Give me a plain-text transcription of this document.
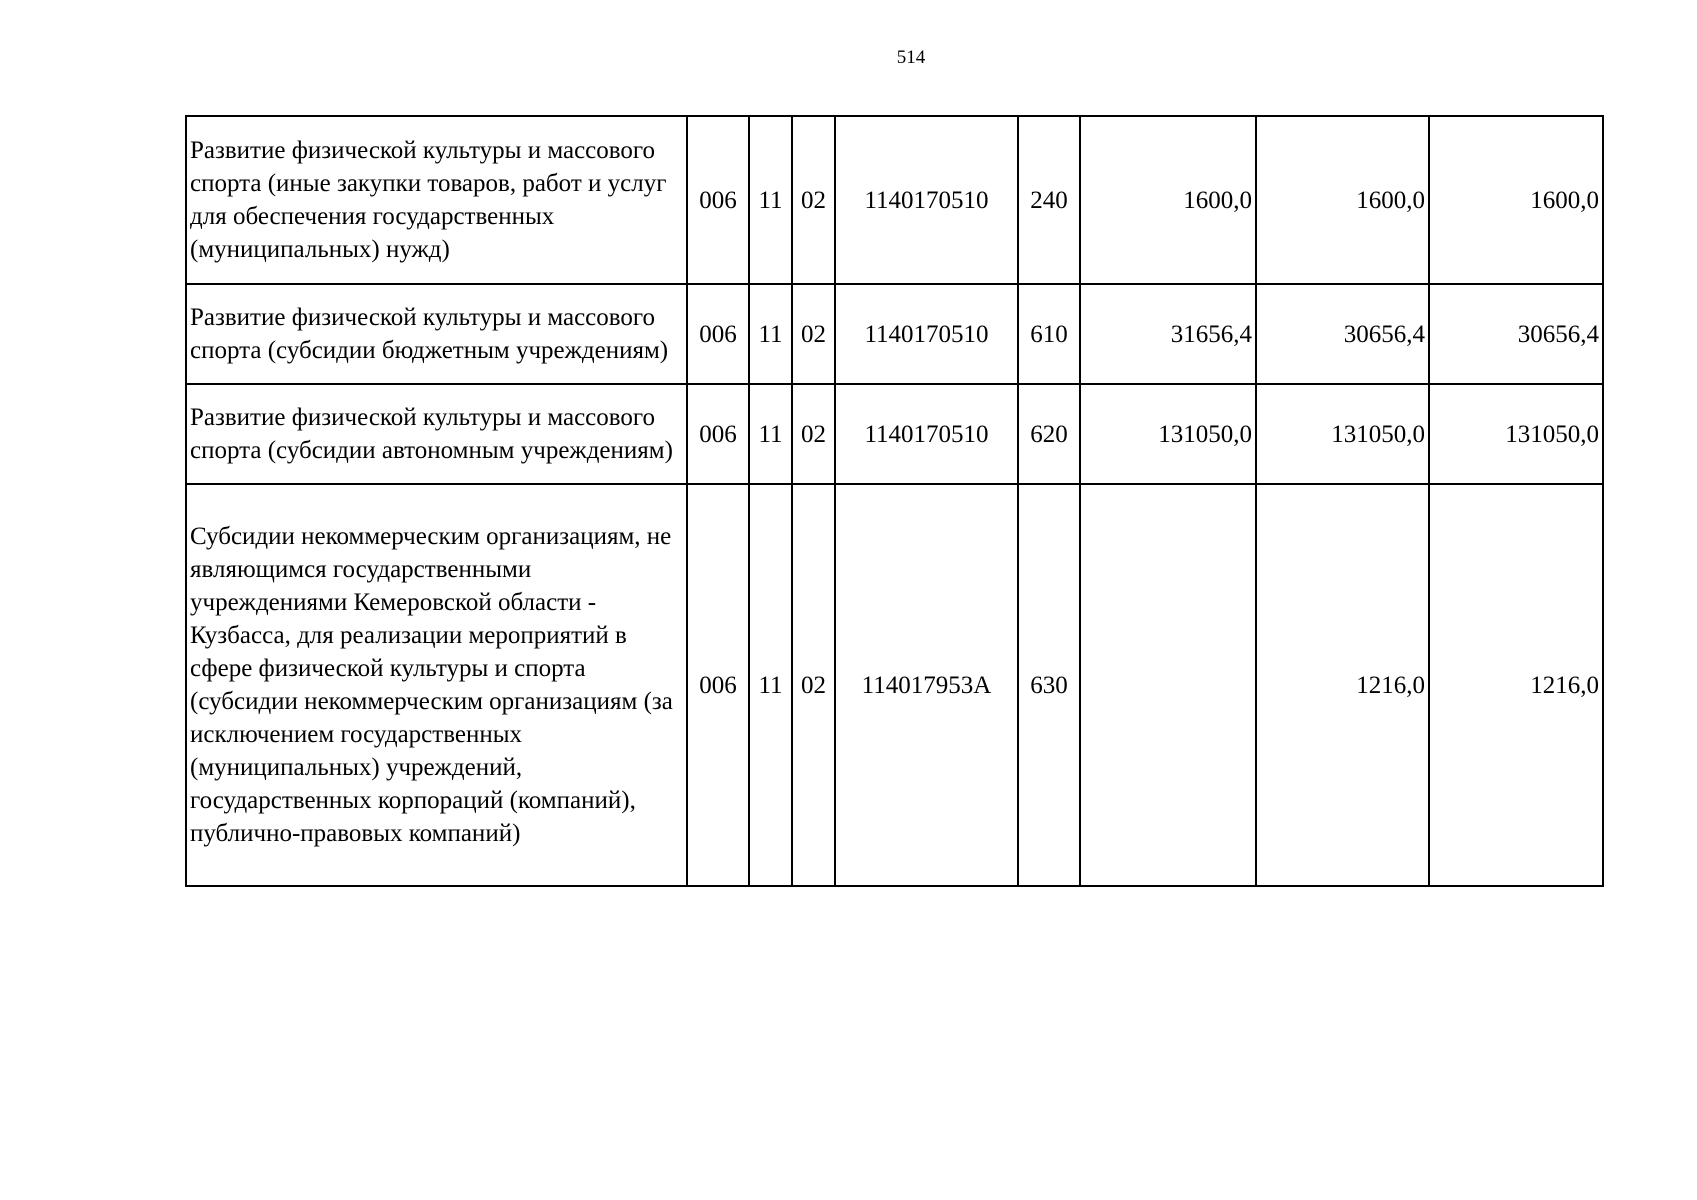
514
Развитие физической культуры и массового спорта (иные закупки товаров, работ и услуг для обеспечения государственных (муниципальных) нужд)	006	11	02	1140170510	240	1600,0	1600,0	1600,0
Развитие физической культуры и массового спорта (субсидии бюджетным учреждениям)	006	11	02	1140170510	610	31656,4	30656,4	30656,4
Развитие физической культуры и массового спорта (субсидии автономным учреждениям)	006	11	02	1140170510	620	131050,0	131050,0	131050,0
Субсидии некоммерческим организациям, не являющимся государственными учреждениями Кемеровской области - Кузбасса, для реализации мероприятий в сфере физической культуры и спорта (субсидии некоммерческим организациям (за исключением государственных (муниципальных) учреждений, государственных корпораций (компаний), публично-правовых компаний)	006	11	02	114017953А	630		1216,0	1216,0
